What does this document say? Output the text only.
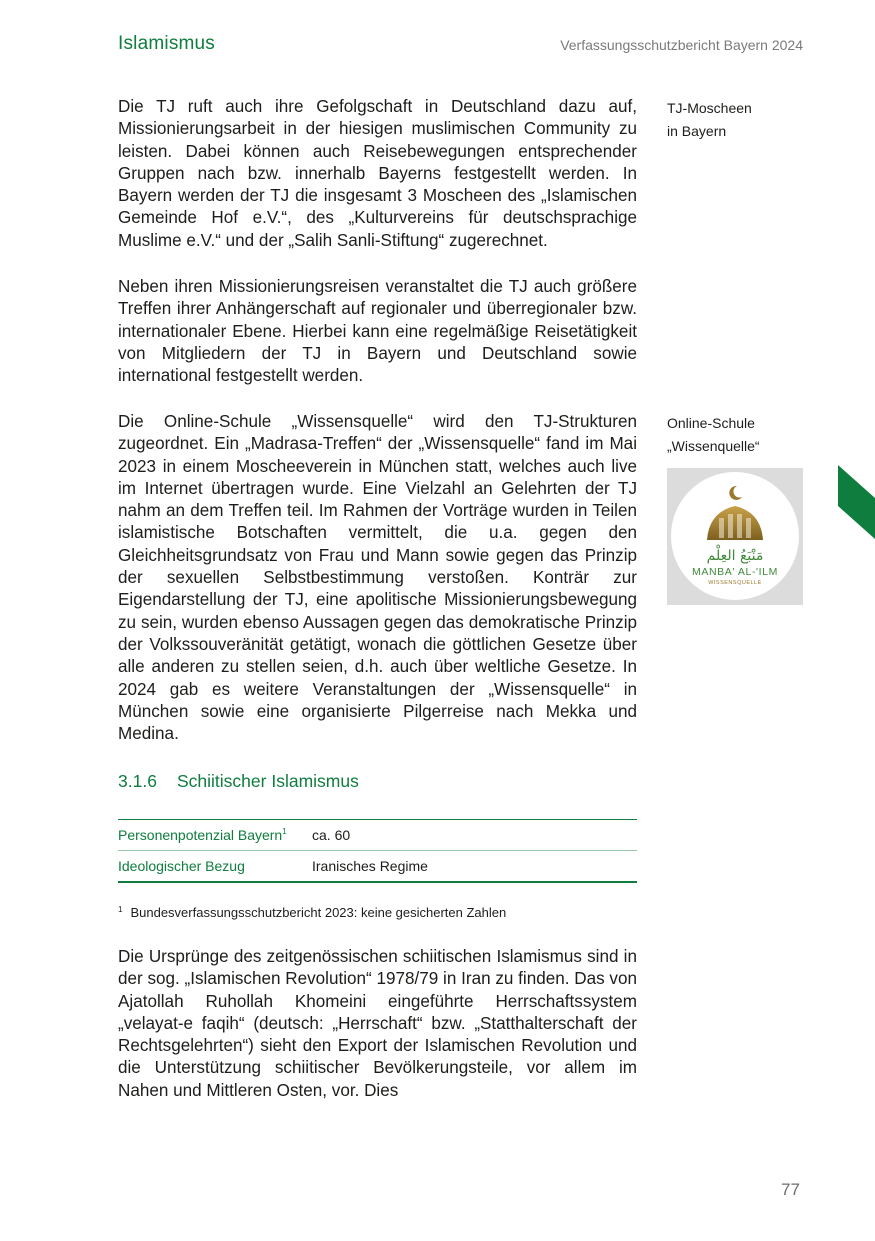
Islamismus	Verfassungsschutzbericht Bayern 2024

Die TJ ruft auch ihre Gefolgschaft in Deutschland dazu auf, Missionierungsarbeit in der hiesigen muslimischen Community zu leisten. Dabei können auch Reisebewegungen entsprechender Gruppen nach bzw. innerhalb Bayerns festgestellt werden. In Bayern werden der TJ die insgesamt 3 Moscheen des „Islamischen Gemeinde Hof e.V.“, des „Kulturvereins für deutschsprachige Muslime e.V.“ und der „Salih Sanli-Stiftung“ zugerechnet.

Neben ihren Missionierungsreisen veranstaltet die TJ auch größere Treffen ihrer Anhängerschaft auf regionaler und überregionaler bzw. internationaler Ebene. Hierbei kann eine regelmäßige Reisetätigkeit von Mitgliedern der TJ in Bayern und Deutschland sowie international festgestellt werden.

Die Online-Schule „Wissensquelle“ wird den TJ-Strukturen zugeordnet. Ein „Madrasa-Treffen“ der „Wissensquelle“ fand im Mai 2023 in einem Moscheeverein in München statt, welches auch live im Internet übertragen wurde. Eine Vielzahl an Gelehrten der TJ nahm an dem Treffen teil. Im Rahmen der Vorträge wurden in Teilen islamistische Botschaften vermittelt, die u.a. gegen den Gleichheitsgrundsatz von Frau und Mann sowie gegen das Prinzip der sexuellen Selbstbestimmung verstoßen. Konträr zur Eigendarstellung der TJ, eine apolitische Missionierungsbewegung zu sein, wurden ebenso Aussagen gegen das demokratische Prinzip der Volkssouveränität getätigt, wonach die göttlichen Gesetze über alle anderen zu stellen seien, d.h. auch über weltliche Gesetze. In 2024 gab es weitere Veranstaltungen der „Wissensquelle“ in München sowie eine organisierte Pilgerreise nach Mekka und Medina.

TJ-Moscheen
in Bayern
Online-Schule
„Wissenquelle“
مَنْبَعُ العِلْم
MANBA' AL-'ILM
WISSENSQUELLE
3.1.6 Schiitischer Islamismus
Personenpotenzial Bayern$^1$	ca. 60
Ideologischer Bezug	Iranisches Regime
$^1$ Bundesverfassungsschutzbericht 2023: keine gesicherten Zahlen

Die Ursprünge des zeitgenössischen schiitischen Islamismus sind in der sog. „Islamischen Revolution“ 1978/79 in Iran zu finden. Das von Ajatollah Ruhollah Khomeini eingeführte Herrschaftssystem „velayat-e faqih“ (deutsch: „Herrschaft“ bzw. „Statthalterschaft der Rechtsgelehrten“) sieht den Export der Islamischen Revolution und die Unterstützung schiitischer Bevölkerungsteile, vor allem im Nahen und Mittleren Osten, vor. Dies

77
